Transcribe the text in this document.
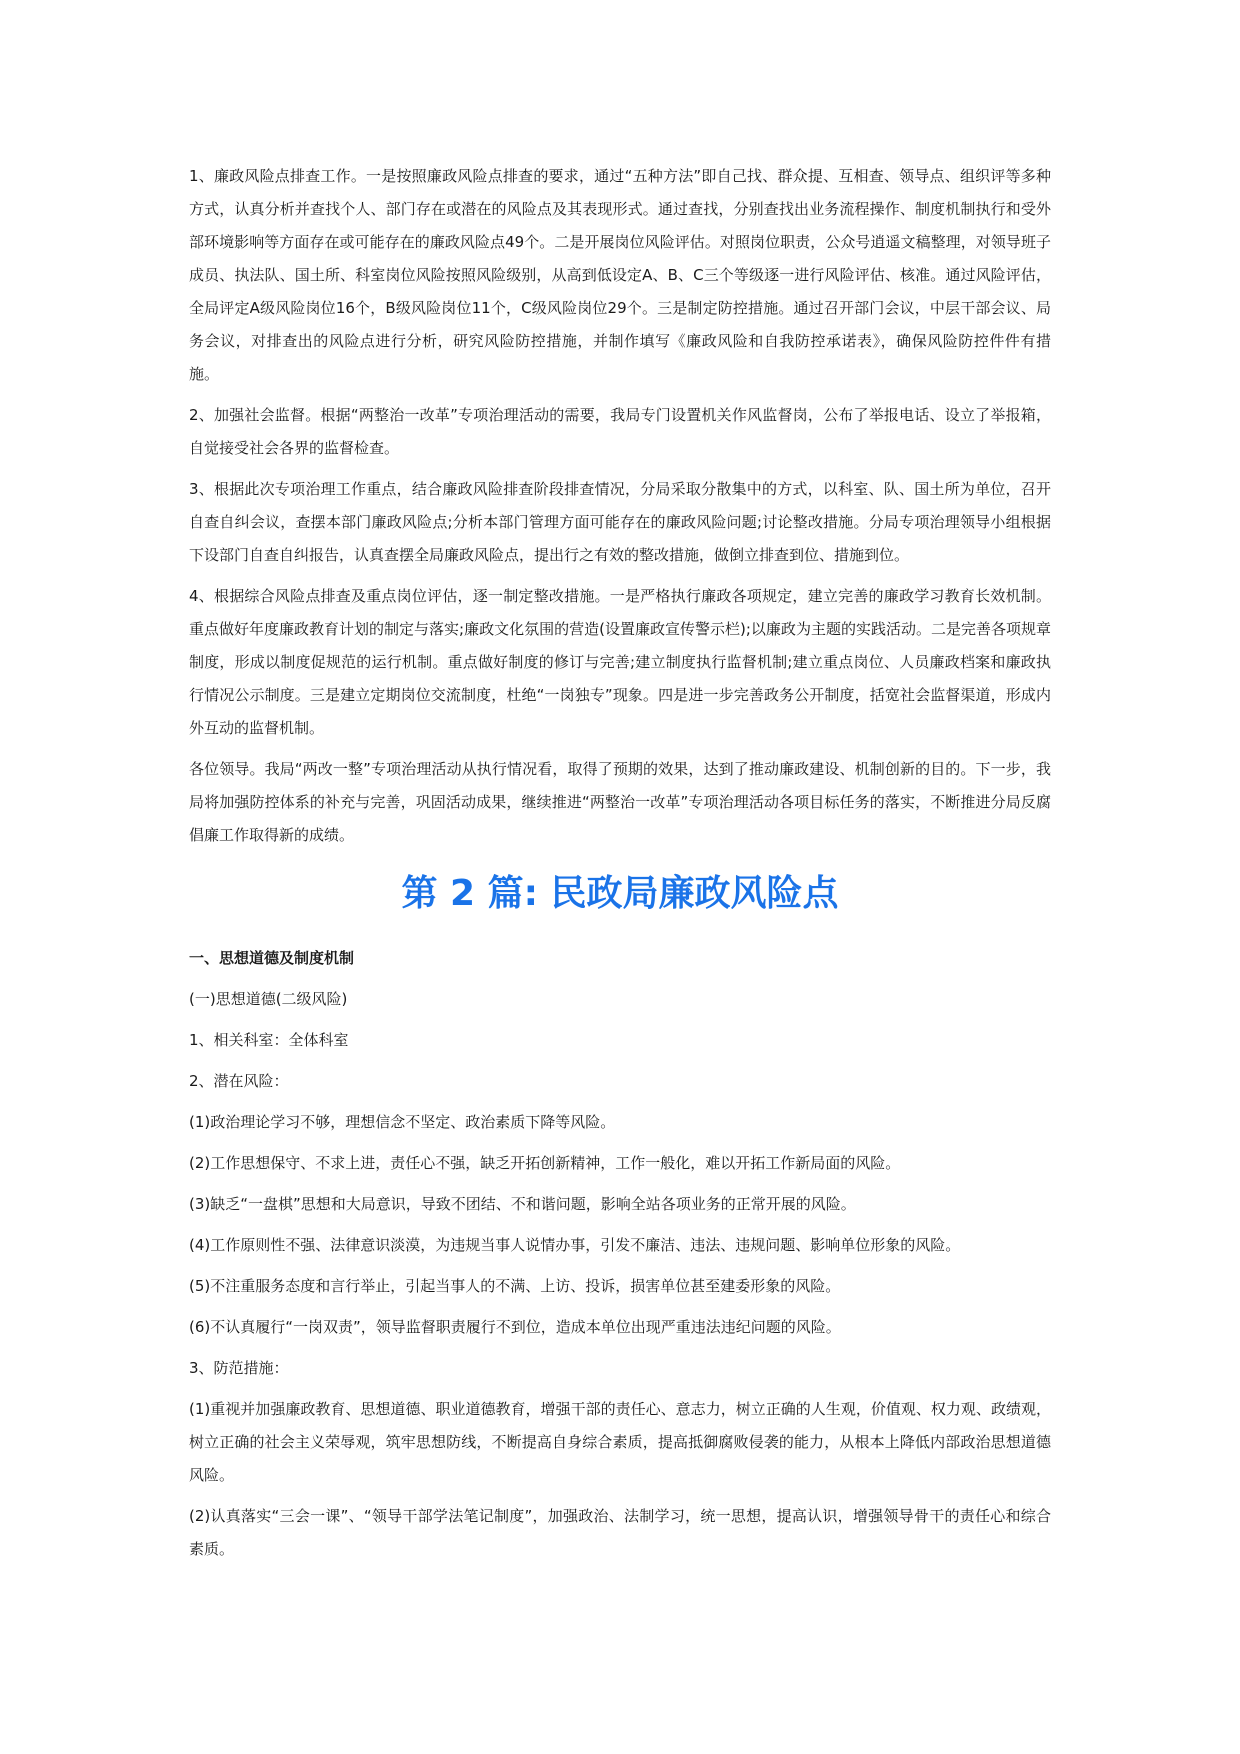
1、廉政风险点排查工作。一是按照廉政风险点排查的要求，通过“五种方法”即自己找、群众提、互相查、领导点、组织评等多种方式，认真分析并查找个人、部门存在或潜在的风险点及其表现形式。通过查找，分别查找出业务流程操作、制度机制执行和受外部环境影响等方面存在或可能存在的廉政风险点49个。二是开展岗位风险评估。对照岗位职责，公众号逍遥文稿整理，对领导班子成员、执法队、国土所、科室岗位风险按照风险级别，从高到低设定A、B、C三个等级逐一进行风险评估、核准。通过风险评估，全局评定A级风险岗位16个，B级风险岗位11个，C级风险岗位29个。三是制定防控措施。通过召开部门会议，中层干部会议、局务会议，对排查出的风险点进行分析，研究风险防控措施，并制作填写《廉政风险和自我防控承诺表》，确保风险防控件件有措施。

2、加强社会监督。根据“两整治一改革”专项治理活动的需要，我局专门设置机关作风监督岗，公布了举报电话、设立了举报箱，自觉接受社会各界的监督检查。

3、根据此次专项治理工作重点，结合廉政风险排查阶段排查情况，分局采取分散集中的方式，以科室、队、国土所为单位，召开自查自纠会议，查摆本部门廉政风险点;分析本部门管理方面可能存在的廉政风险问题;讨论整改措施。分局专项治理领导小组根据下设部门自查自纠报告，认真查摆全局廉政风险点，提出行之有效的整改措施，做倒立排查到位、措施到位。

4、根据综合风险点排查及重点岗位评估，逐一制定整改措施。一是严格执行廉政各项规定，建立完善的廉政学习教育长效机制。重点做好年度廉政教育计划的制定与落实;廉政文化氛围的营造(设置廉政宣传警示栏);以廉政为主题的实践活动。二是完善各项规章制度，形成以制度促规范的运行机制。重点做好制度的修订与完善;建立制度执行监督机制;建立重点岗位、人员廉政档案和廉政执行情况公示制度。三是建立定期岗位交流制度，杜绝“一岗独专”现象。四是进一步完善政务公开制度，括宽社会监督渠道，形成内外互动的监督机制。

各位领导。我局“两改一整”专项治理活动从执行情况看，取得了预期的效果，达到了推动廉政建设、机制创新的目的。下一步，我局将加强防控体系的补充与完善，巩固活动成果，继续推进“两整治一改革”专项治理活动各项目标任务的落实，不断推进分局反腐倡廉工作取得新的成绩。

第 2 篇: 民政局廉政风险点
一、思想道德及制度机制

(一)思想道德(二级风险)

1、相关科室：全体科室

2、潜在风险：

(1)政治理论学习不够，理想信念不坚定、政治素质下降等风险。

(2)工作思想保守、不求上进，责任心不强，缺乏开拓创新精神，工作一般化，难以开拓工作新局面的风险。

(3)缺乏“一盘棋”思想和大局意识，导致不团结、不和谐问题，影响全站各项业务的正常开展的风险。

(4)工作原则性不强、法律意识淡漠，为违规当事人说情办事，引发不廉洁、违法、违规问题、影响单位形象的风险。

(5)不注重服务态度和言行举止，引起当事人的不满、上访、投诉，损害单位甚至建委形象的风险。

(6)不认真履行“一岗双责”，领导监督职责履行不到位，造成本单位出现严重违法违纪问题的风险。

3、防范措施：

(1)重视并加强廉政教育、思想道德、职业道德教育，增强干部的责任心、意志力，树立正确的人生观，价值观、权力观、政绩观，树立正确的社会主义荣辱观，筑牢思想防线，不断提高自身综合素质，提高抵御腐败侵袭的能力，从根本上降低内部政治思想道德风险。

(2)认真落实“三会一课”、“领导干部学法笔记制度”，加强政治、法制学习，统一思想，提高认识，增强领导骨干的责任心和综合素质。
